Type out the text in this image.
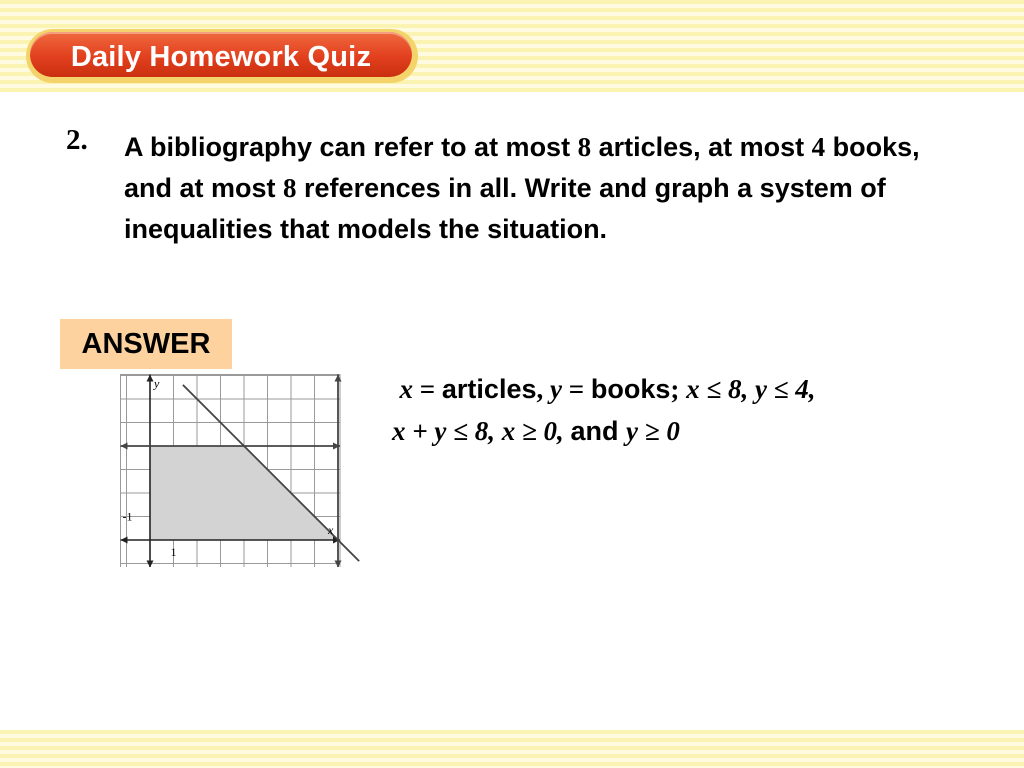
Daily Homework Quiz
2. A bibliography can refer to at most 8 articles, at most 4 books, and at most 8 references in all. Write and graph a system of inequalities that models the situation.
ANSWER
y
x
1
-1
x = articles, y = books; x ≤ 8, y ≤ 4,
x + y ≤ 8, x ≥ 0, and y ≥ 0
